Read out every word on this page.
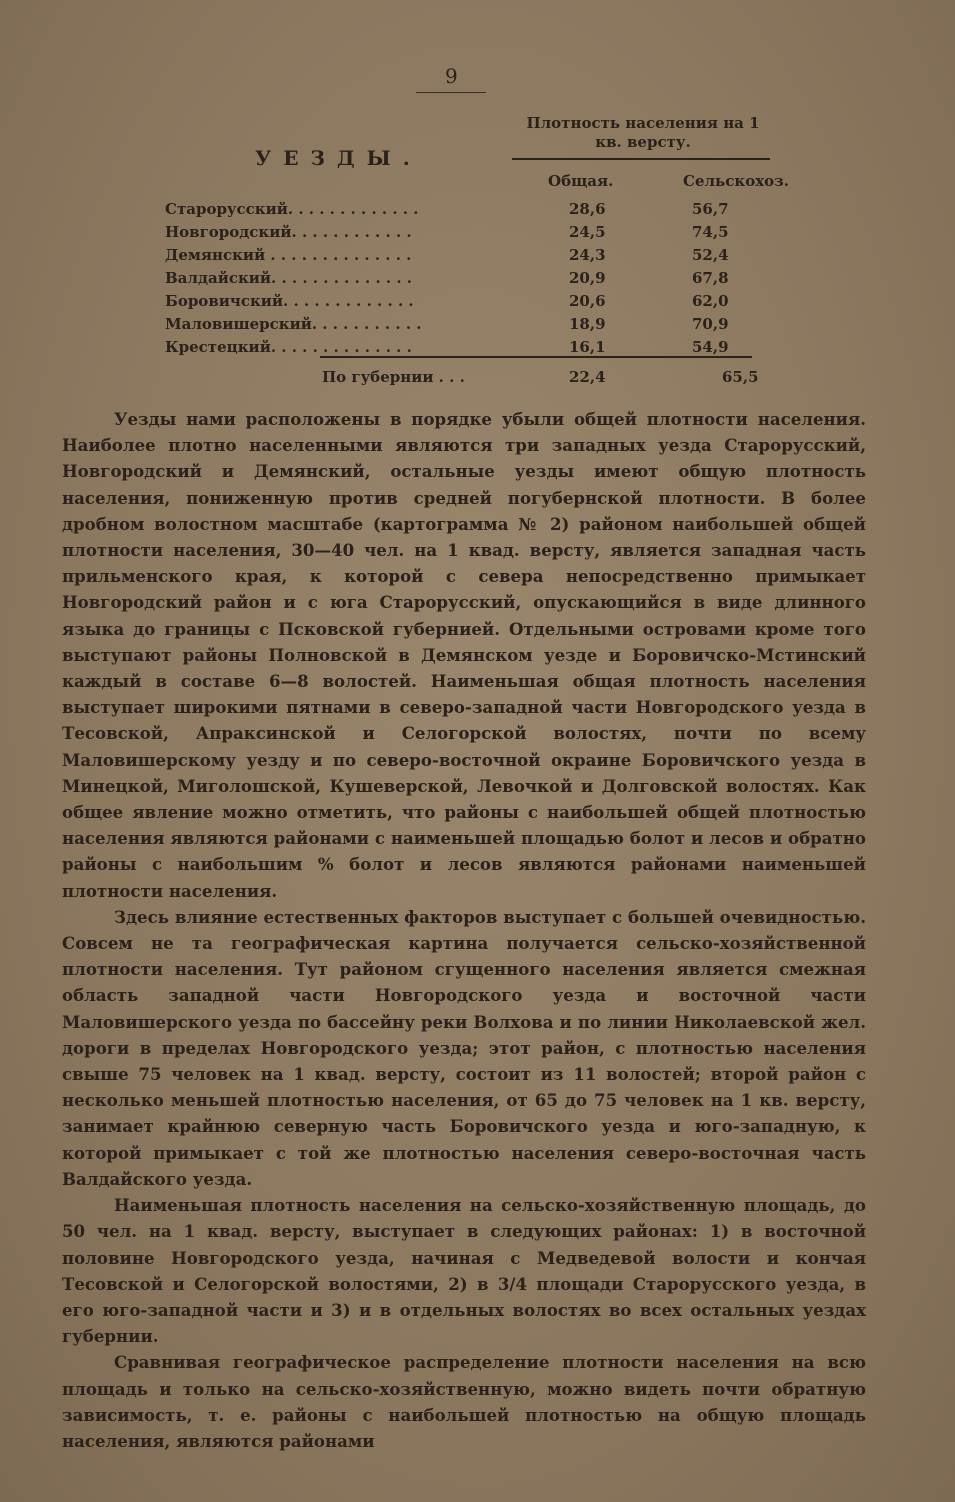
9
Плотность населения на 1 кв. версту.
УЕЗДЫ.
Общая.	Сельскохоз.
Старорусский. . . . . . . . . . . . .	28,6	56,7
Новгородский. . . . . . . . . . . .	24,5	74,5
Демянский . . . . . . . . . . . . . .	24,3	52,4
Валдайский. . . . . . . . . . . . . .	20,9	67,8
Боровичский. . . . . . . . . . . . .	20,6	62,0
Маловишерский. . . . . . . . . . .	18,9	70,9
Крестецкий. . . . . . . . . . . . . .	16,1	54,9
По губернии . . .	22,4	65,5

Уезды нами расположены в порядке убыли общей плотности населения. Наиболее плотно населенными являются три западных уезда Старорусский, Новгородский и Демянский, остальные уезды имеют общую плотность населения, пониженную против средней погубернской плотности. В более дробном волостном масштабе (картограмма № 2) районом наибольшей общей плотности населения, 30—40 чел. на 1 квад. версту, является западная часть прильменского края, к которой с севера непосредственно примыкает Новгородский район и с юга Старорусский, опускающийся в виде длинного языка до границы с Псковской губернией. Отдельными островами кроме того выступают районы Полновской в Демянском уезде и Боровичско-Мстинский каждый в составе 6—8 волостей. Наименьшая общая плотность населения выступает широкими пятнами в северо-западной части Новгородского уезда в Тесовской, Апраксинской и Селогорской волостях, почти по всему Маловишерскому уезду и по северо-восточной окраине Боровичского уезда в Минецкой, Миголошской, Кушеверской, Левочкой и Долговской волостях. Как общее явление можно отметить, что районы с наибольшей общей плотностью населения являются районами с наименьшей площадью болот и лесов и обратно районы с наибольшим % болот и лесов являются районами наименьшей плотности населения.

Здесь влияние естественных факторов выступает с большей очевидностью. Совсем не та географическая картина получается сельско-хозяйственной плотности населения. Тут районом сгущенного населения является смежная область западной части Новгородского уезда и восточной части Маловишерского уезда по бассейну реки Волхова и по линии Николаевской жел. дороги в пределах Новгородского уезда; этот район, с плотностью населения свыше 75 человек на 1 квад. версту, состоит из 11 волостей; второй район с несколько меньшей плотностью населения, от 65 до 75 человек на 1 кв. версту, занимает крайнюю северную часть Боровичского уезда и юго-западную, к которой примыкает с той же плотностью населения северо-восточная часть Валдайского уезда.

Наименьшая плотность населения на сельско-хозяйственную площадь, до 50 чел. на 1 квад. версту, выступает в следующих районах: 1) в восточной половине Новгородского уезда, начиная с Медведевой волости и кончая Тесовской и Селогорской волостями, 2) в 3/4 площади Старорусского уезда, в его юго-западной части и 3) и в отдельных волостях во всех остальных уездах губернии.

Сравнивая географическое распределение плотности населения на всю площадь и только на сельско-хозяйственную, можно видеть почти обратную зависимость, т. е. районы с наибольшей плотностью на общую площадь населения, являются районами
